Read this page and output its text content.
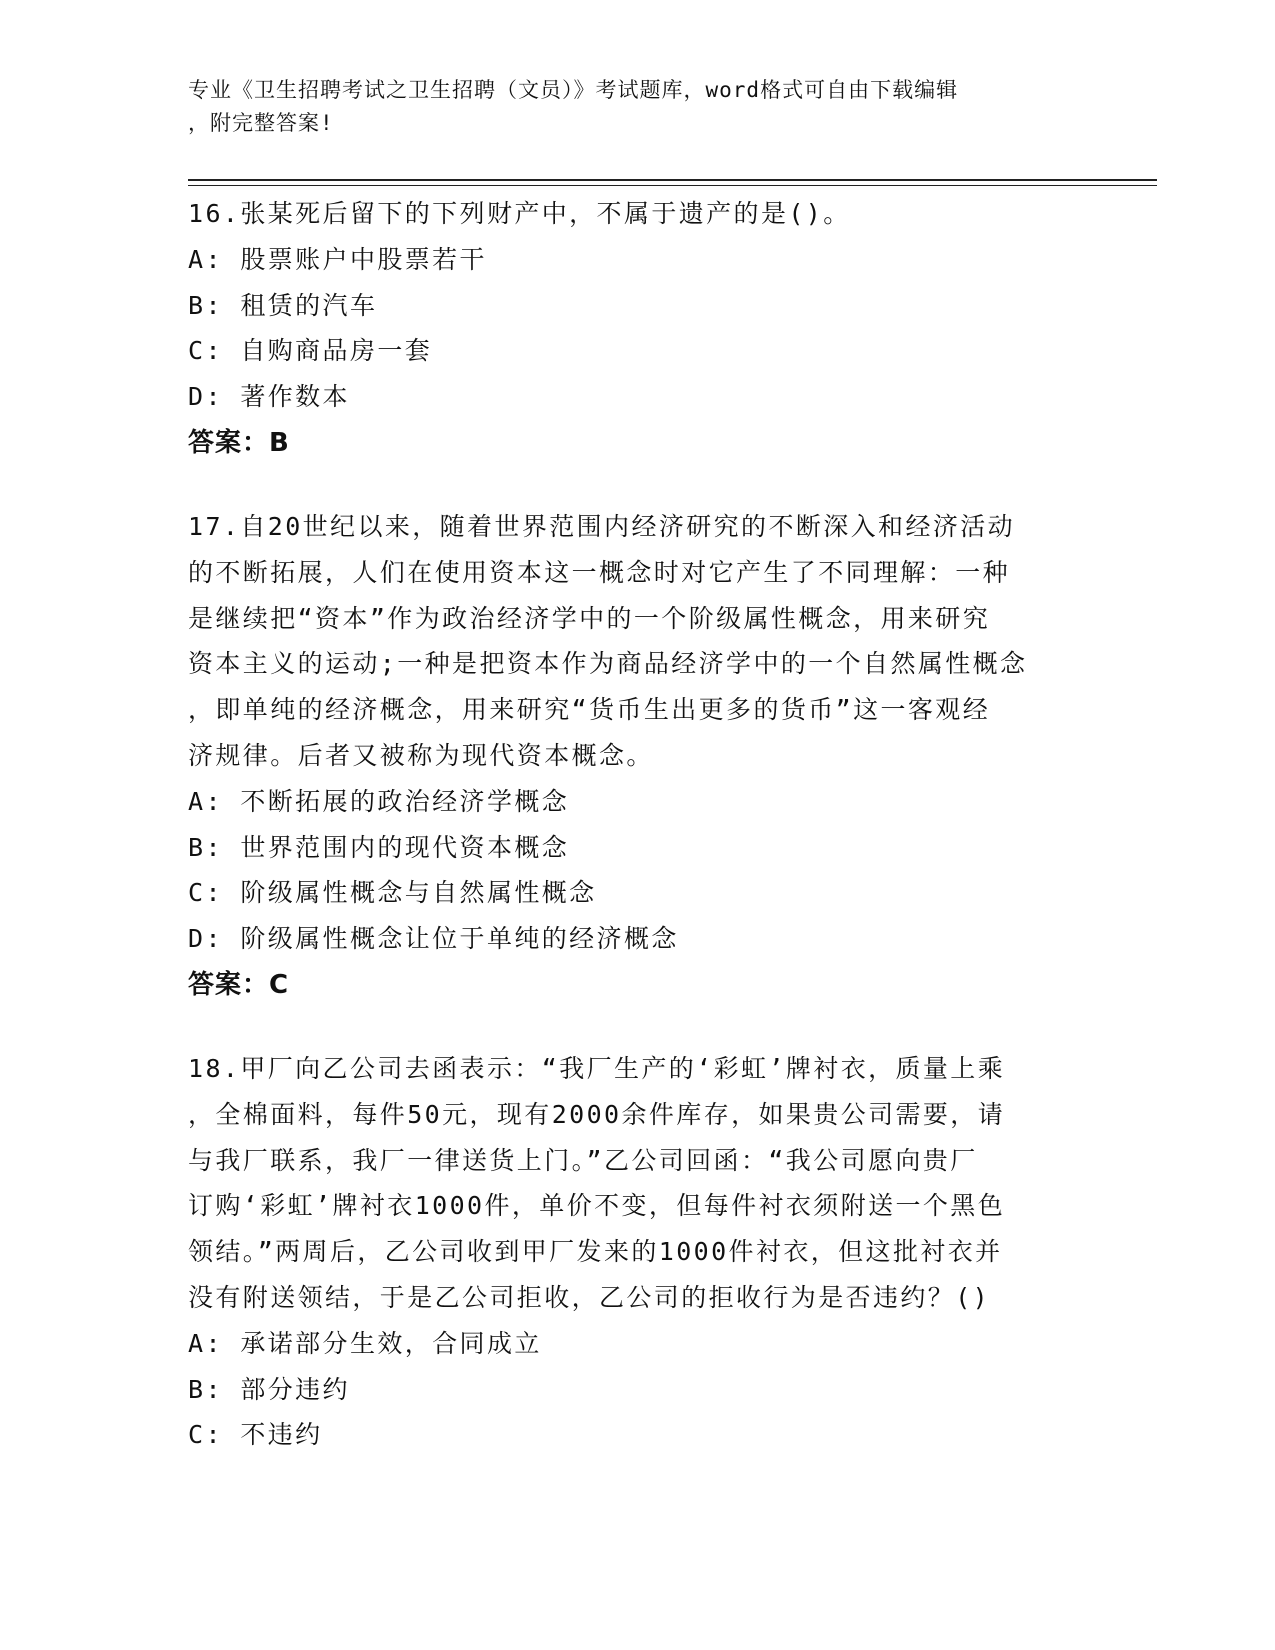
专业《卫生招聘考试之卫生招聘（文员）》考试题库，word格式可自由下载编辑
，附完整答案!
16.张某死后留下的下列财产中，不属于遗产的是()。
A: 股票账户中股票若干
B: 租赁的汽车
C: 自购商品房一套
D: 著作数本
答案：B
17.自20世纪以来，随着世界范围内经济研究的不断深入和经济活动
的不断拓展，人们在使用资本这一概念时对它产生了不同理解：一种
是继续把“资本”作为政治经济学中的一个阶级属性概念，用来研究
资本主义的运动;一种是把资本作为商品经济学中的一个自然属性概念
，即单纯的经济概念，用来研究“货币生出更多的货币”这一客观经
济规律。后者又被称为现代资本概念。
A: 不断拓展的政治经济学概念
B: 世界范围内的现代资本概念
C: 阶级属性概念与自然属性概念
D: 阶级属性概念让位于单纯的经济概念
答案：C
18.甲厂向乙公司去函表示：“我厂生产的‘彩虹’牌衬衣，质量上乘
，全棉面料，每件50元，现有2000余件库存，如果贵公司需要，请
与我厂联系，我厂一律送货上门。”乙公司回函：“我公司愿向贵厂
订购‘彩虹’牌衬衣1000件，单价不变，但每件衬衣须附送一个黑色
领结。”两周后，乙公司收到甲厂发来的1000件衬衣，但这批衬衣并
没有附送领结，于是乙公司拒收，乙公司的拒收行为是否违约？()
A: 承诺部分生效，合同成立
B: 部分违约
C: 不违约
